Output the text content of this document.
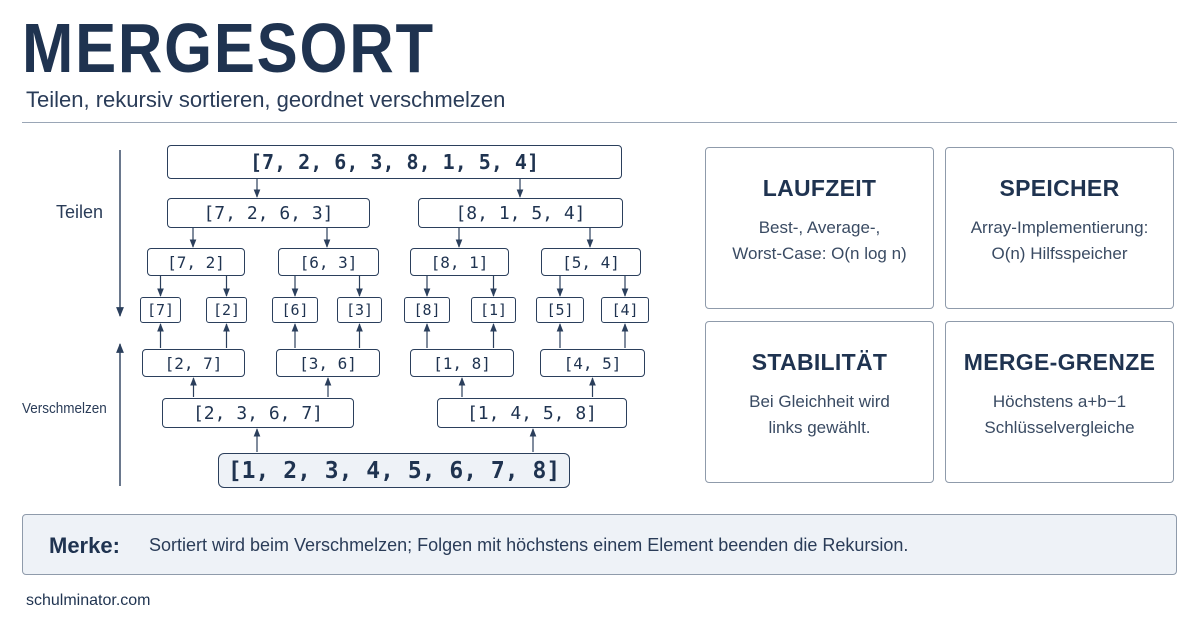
MERGESORT
Teilen, rekursiv sortieren, geordnet verschmelzen
Teilen
Verschmelzen
[7, 2, 6, 3, 8, 1, 5, 4]
[7, 2, 6, 3]	[8, 1, 5, 4]
[7, 2]	[6, 3]	[8, 1]	[5, 4]
[7]	[2]	[6]	[3]	[8]	[1]	[5]	[4]
[2, 7]	[3, 6]	[1, 8]	[4, 5]
[2, 3, 6, 7]	[1, 4, 5, 8]
[1, 2, 3, 4, 5, 6, 7, 8]
LAUFZEIT
Best-, Average-,
Worst-Case: O(n log n)
SPEICHER
Array-Implementierung:
O(n) Hilfsspeicher
STABILITÄT
Bei Gleichheit wird
links gewählt.
MERGE-GRENZE
Höchstens a+b−1
Schlüsselvergleiche
Merke: Sortiert wird beim Verschmelzen; Folgen mit höchstens einem Element beenden die Rekursion.
schulminator.com
